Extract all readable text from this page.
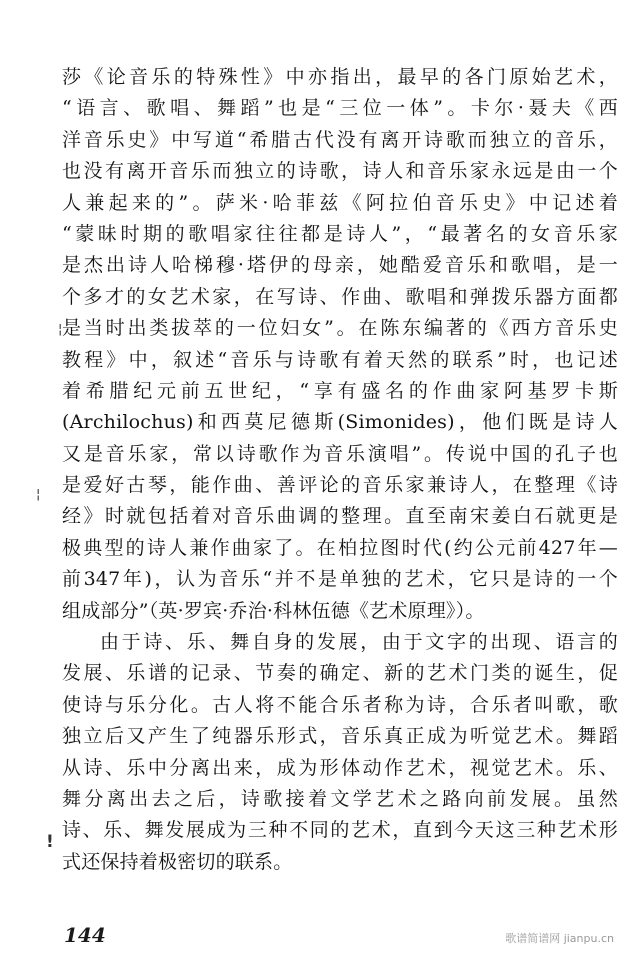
莎《论音乐的特殊性》中亦指出，最早的各门原始艺术，
“语言、歌唱、舞蹈”也是“三位一体”。卡尔·聂夫《西
洋音乐史》中写道“希腊古代没有离开诗歌而独立的音乐，
也没有离开音乐而独立的诗歌，诗人和音乐家永远是由一个
人兼起来的”。萨米·哈菲兹《阿拉伯音乐史》中记述着
“蒙昧时期的歌唱家往往都是诗人”，“最著名的女音乐家
是杰出诗人哈梯穆·塔伊的母亲，她酷爱音乐和歌唱，是一
个多才的女艺术家，在写诗、作曲、歌唱和弹拨乐器方面都
是当时出类拔萃的一位妇女”。在陈东编著的《西方音乐史
教程》中，叙述“音乐与诗歌有着天然的联系”时，也记述
着希腊纪元前五世纪，“享有盛名的作曲家阿基罗卡斯
(Archilochus)和西莫尼德斯(Simonides)，他们既是诗人
又是音乐家，常以诗歌作为音乐演唱”。传说中国的孔子也
是爱好古琴，能作曲、善评论的音乐家兼诗人，在整理《诗
经》时就包括着对音乐曲调的整理。直至南宋姜白石就更是
极典型的诗人兼作曲家了。在柏拉图时代(约公元前427年—
前347年)，认为音乐“并不是单独的艺术，它只是诗的一个
组成部分”（英·罗宾·乔治·科林伍德《艺术原理》）。
由于诗、乐、舞自身的发展，由于文字的出现、语言的
发展、乐谱的记录、节奏的确定、新的艺术门类的诞生，促
使诗与乐分化。古人将不能合乐者称为诗，合乐者叫歌，歌
独立后又产生了纯器乐形式，音乐真正成为听觉艺术。舞蹈
从诗、乐中分离出来，成为形体动作艺术，视觉艺术。乐、
舞分离出去之后，诗歌接着文学艺术之路向前发展。虽然
诗、乐、舞发展成为三种不同的艺术，直到今天这三种艺术形
式还保持着极密切的联系。
¦
¦
!
144	歌谱简谱网 jianpu.cn
